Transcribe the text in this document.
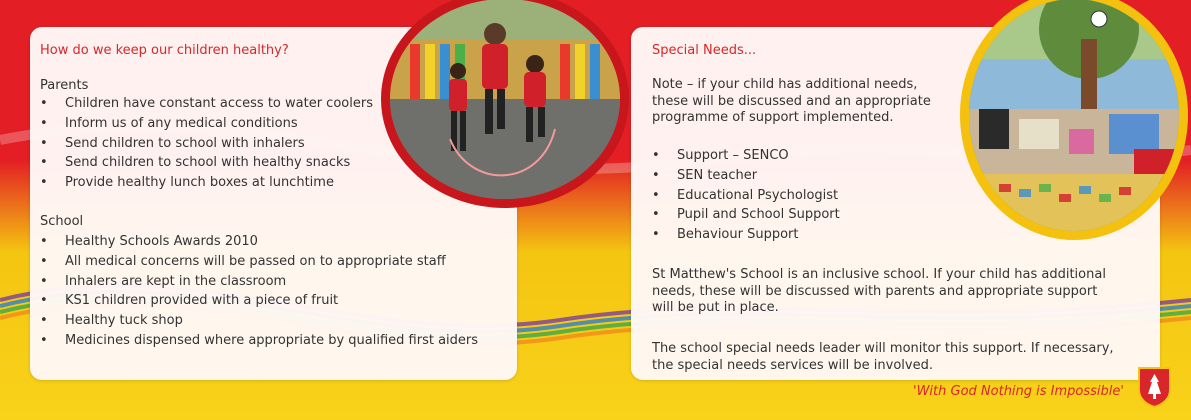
How do we keep our children healthy?
Parents
• Children have constant access to water coolers
• Inform us of any medical conditions
• Send children to school with inhalers
• Send children to school with healthy snacks
• Provide healthy lunch boxes at lunchtime
School
• Healthy Schools Awards 2010
• All medical concerns will be passed on to appropriate staff
• Inhalers are kept in the classroom
• KS1 children provided with a piece of fruit
• Healthy tuck shop
• Medicines dispensed where appropriate by qualified first aiders
Special Needs...

Note – if your child has additional needs, these will be discussed and an appropriate programme of support implemented.

• Support – SENCO
• SEN teacher
• Educational Psychologist
• Pupil and School Support
• Behaviour Support

St Matthew's School is an inclusive school. If your child has additional needs, these will be discussed with parents and appropriate support will be put in place.

The school special needs leader will monitor this support. If necessary, the special needs services will be involved.

'With God Nothing is Impossible'
